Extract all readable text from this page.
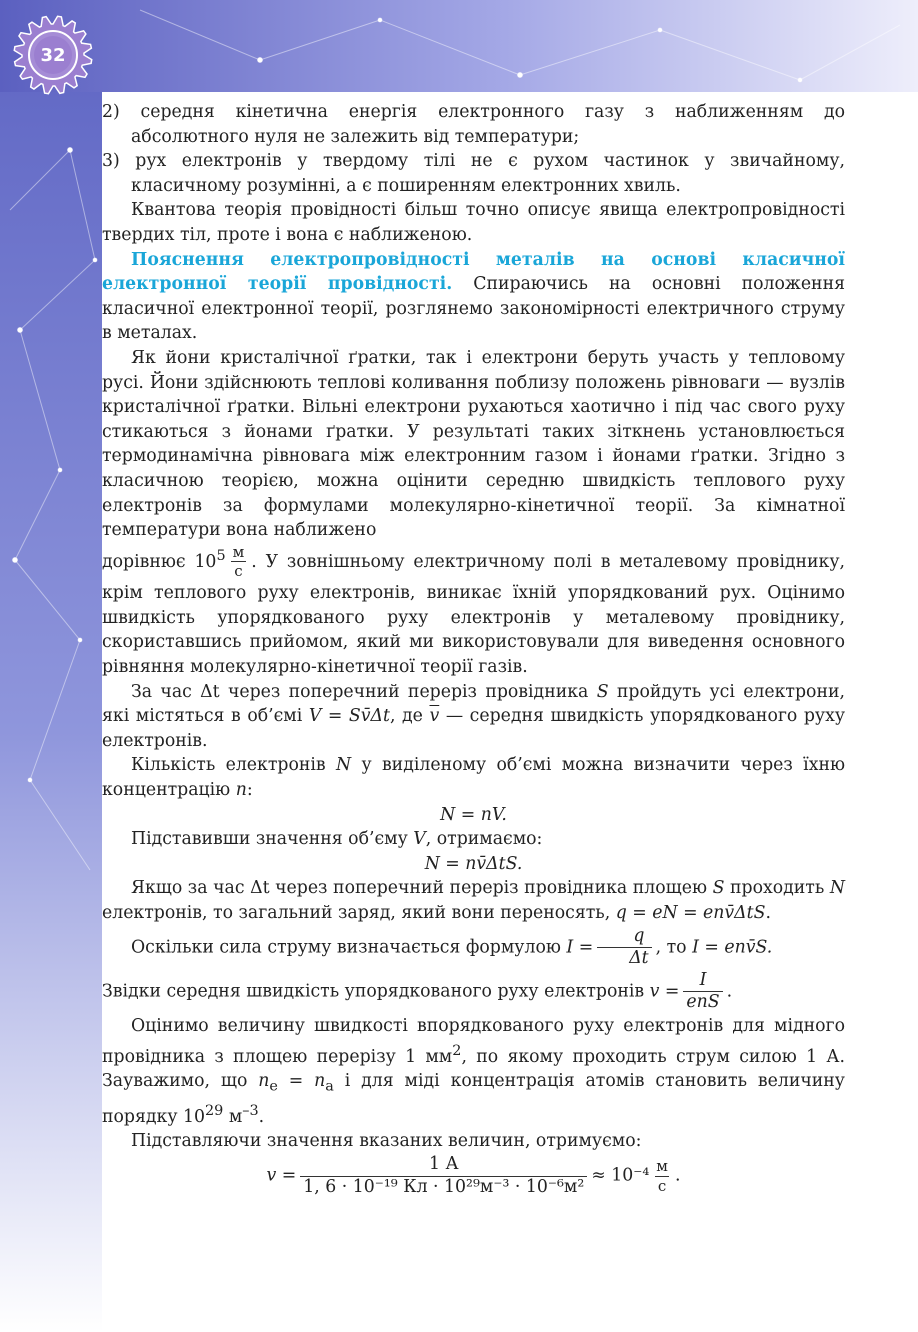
32

2) середня кінетична енергія електронного газу з наближенням до абсолютного нуля не залежить від температури;

3) рух електронів у твердому тілі не є рухом частинок у звичайному, класичному розумінні, а є поширенням електронних хвиль.

Квантова теорія провідності більш точно описує явища електропровідності твердих тіл, проте і вона є наближеною.

Пояснення електропровідності металів на основі класичної електронної теорії провідності. Спираючись на основні положення класичної електронної теорії, розглянемо закономірності електричного струму в металах.

Як йони кристалічної ґратки, так і електрони беруть участь у тепловому русі. Йони здійснюють теплові коливання поблизу положень рівноваги — вузлів кристалічної ґратки. Вільні електрони рухаються хаотично і під час свого руху стикаються з йонами ґратки. У результаті таких зіткнень установлюється термодинамічна рівновага між електронним газом і йонами ґратки. Згідно з класичною теорією, можна оцінити середню швидкість теплового руху електронів за формулами молекулярно-кінетичної теорії. За кімнатної температури вона наближено

дорівнює $10^5 \frac{м}{с}$ . У зовнішньому електричному полі в металевому провіднику, крім теплового руху електронів, виникає їхній упорядкований рух. Оцінимо швидкість упорядкованого руху електронів у металевому провіднику, скориставшись прийомом, який ми використовували для виведення основного рівняння молекулярно-кінетичної теорії газів.

За час Δt через поперечний переріз провідника S пройдуть усі електрони, які містяться в об’ємі V = Sv̄Δt, де $\overline{v}$ — середня швидкість упорядкованого руху електронів.

Кількість електронів N у виділеному об’ємі можна визначити через їхню концентрацію n:

N = nV.

Підставивши значення об’єму V, отримаємо:

N = nv̄ΔtS.

Якщо за час Δt через поперечний переріз провідника площею S проходить N електронів, то загальний заряд, який вони переносять, q = eN = env̄ΔtS.

Оскільки сила струму визначається формулою $I = \frac{q}{\Delta t}$ , то I = env̄S.

Звідки середня швидкість упорядкованого руху електронів $v = \frac{I}{\text{enS}}$ .

Оцінимо величину швидкості впорядкованого руху електронів для мідного провідника з площею перерізу 1 $мм^2$, по якому проходить струм силою 1 А. Зауважимо, що $n_е = n_а$ і для міді концентрація атомів становить величину порядку $10^{29}$ $м^{-3}$.

Підставляючи значення вказаних величин, отримуємо:

$v = \frac{1 А}{\text{1, 6 · 10⁻¹⁹ Кл · 10²⁹м⁻³ · 10⁻⁶м²}} \approx 10^{-4} \frac{м}{с}$ .
